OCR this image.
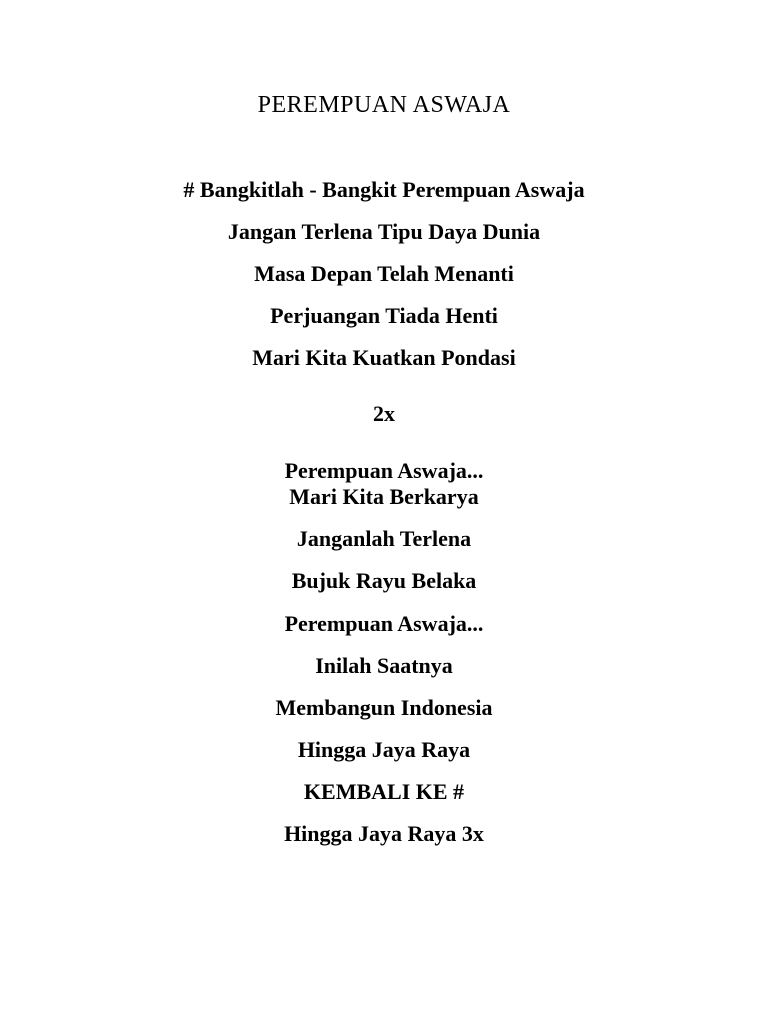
PEREMPUAN ASWAJA
# Bangkitlah - Bangkit Perempuan Aswaja
Jangan Terlena Tipu Daya Dunia
Masa Depan Telah Menanti
Perjuangan Tiada Henti
Mari Kita Kuatkan Pondasi
2x
Perempuan Aswaja...
Mari Kita Berkarya
Janganlah Terlena
Bujuk Rayu Belaka
Perempuan Aswaja...
Inilah Saatnya
Membangun Indonesia
Hingga Jaya Raya
KEMBALI KE #
Hingga Jaya Raya 3x
